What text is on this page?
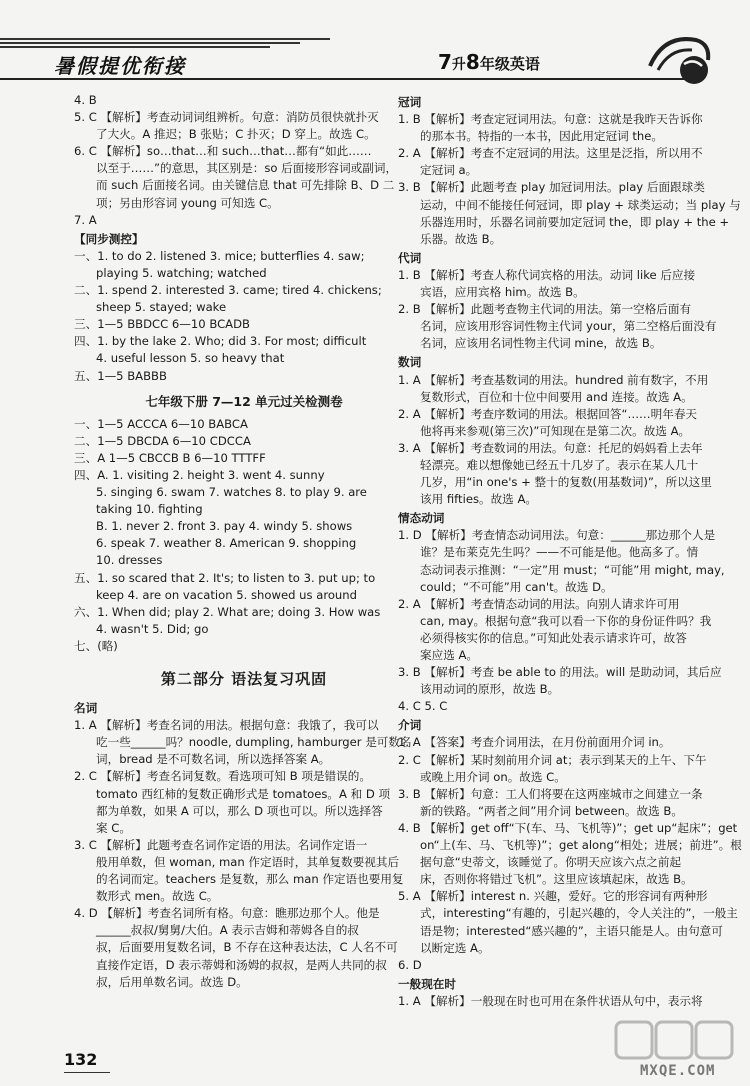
暑假提优衔接	7升8年级英语
4. B
5. C 【解析】考查动词词组辨析。句意：消防员很快就扑灭
了大火。A 推迟；B 张贴；C 扑灭；D 穿上。故选 C。
6. C 【解析】so…that…和 such…that…都有“如此……
以至于……”的意思，其区别是：so 后面接形容词或副词，
而 such 后面接名词。由关键信息 that 可先排除 B、D 二
项；另由形容词 young 可知选 C。
7. A
【同步测控】
一、1. to do 2. listened 3. mice; butterflies 4. saw;
playing 5. watching; watched
二、1. spend 2. interested 3. came; tired 4. chickens;
sheep 5. stayed; wake
三、1—5 BBDCC 6—10 BCADB
四、1. by the lake 2. Who; did 3. For most; difficult
4. useful lesson 5. so heavy that
五、1—5 BABBB
七年级下册 7—12 单元过关检测卷
一、1—5 ACCCA 6—10 BABCA
二、1—5 DBCDA 6—10 CDCCA
三、A 1—5 CBCCB B 6—10 TTTFF
四、A. 1. visiting 2. height 3. went 4. sunny
5. singing 6. swam 7. watches 8. to play 9. are
taking 10. fighting
B. 1. never 2. front 3. pay 4. windy 5. shows
6. speak 7. weather 8. American 9. shopping
10. dresses
五、1. so scared that 2. It's; to listen to 3. put up; to
keep 4. are on vacation 5. showed us around
六、1. When did; play 2. What are; doing 3. How was
4. wasn't 5. Did; go
七、(略)
第二部分 语法复习巩固
名词
1. A 【解析】考查名词的用法。根据句意：我饿了，我可以
吃一些______吗？noodle, dumpling, hamburger 是可数名
词，bread 是不可数名词，所以选择答案 A。
2. C 【解析】考查名词复数。看选项可知 B 项是错误的。
tomato 西红柿的复数正确形式是 tomatoes。A 和 D 项
都为单数，如果 A 可以，那么 D 项也可以。所以选择答
案 C。
3. C 【解析】此题考查名词作定语的用法。名词作定语一
般用单数，但 woman, man 作定语时，其单复数要视其后
的名词而定。teachers 是复数，那么 man 作定语也要用复
数形式 men。故选 C。
4. D 【解析】考查名词所有格。句意：瞧那边那个人。他是
______叔叔/舅舅/大伯。A 表示吉姆和蒂姆各自的叔
叔，后面要用复数名词，B 不存在这种表达法，C 人名不可
直接作定语，D 表示蒂姆和汤姆的叔叔，是两人共同的叔
叔，后用单数名词。故选 D。
冠词
1. B 【解析】考查定冠词用法。句意：这就是我昨天告诉你
的那本书。特指的一本书，因此用定冠词 the。
2. A 【解析】考查不定冠词的用法。这里是泛指，所以用不
定冠词 a。
3. B 【解析】此题考查 play 加冠词用法。play 后面跟球类
运动，中间不能接任何冠词，即 play + 球类运动；当 play 与
乐器连用时，乐器名词前要加定冠词 the，即 play + the +
乐器。故选 B。
代词
1. B 【解析】考查人称代词宾格的用法。动词 like 后应接
宾语，应用宾格 him。故选 B。
2. B 【解析】此题考查物主代词的用法。第一空格后面有
名词，应该用形容词性物主代词 your，第二空格后面没有
名词，应该用名词性物主代词 mine，故选 B。
数词
1. A 【解析】考查基数词的用法。hundred 前有数字，不用
复数形式，百位和十位中间要用 and 连接。故选 A。
2. A 【解析】考查序数词的用法。根据回答“……明年春天
他将再来参观(第三次)”可知现在是第二次。故选 A。
3. A 【解析】考查数词的用法。句意：托尼的妈妈看上去年
轻漂亮。难以想像她已经五十几岁了。表示在某人几十
几岁，用“in one's + 整十的复数(用基数词)”，所以这里
该用 fifties。故选 A。
情态动词
1. D 【解析】考查情态动词用法。句意：______那边那个人是
谁？是布莱克先生吗？——不可能是他。他高多了。情
态动词表示推测：“一定”用 must；“可能”用 might, may,
could；“不可能”用 can't。故选 D。
2. A 【解析】考查情态动词的用法。向别人请求许可用
can, may。根据句意“我可以看一下你的身份证件吗？我
必须得核实你的信息。”可知此处表示请求许可，故答
案应选 A。
3. B 【解析】考查 be able to 的用法。will 是助动词，其后应
该用动词的原形，故选 B。
4. C 5. C
介词
1. A 【答案】考查介词用法，在月份前面用介词 in。
2. C 【解析】某时刻前用介词 at；表示到某天的上午、下午
或晚上用介词 on。故选 C。
3. B 【解析】句意：工人们将要在这两座城市之间建立一条
新的铁路。“两者之间”用介词 between。故选 B。
4. B 【解析】get off“下(车、马、飞机等)”；get up“起床”；get
on“上(车、马、飞机等)”；get along“相处；进展；前进”。根
据句意“史蒂文，该睡觉了。你明天应该六点之前起
床，否则你将错过飞机”。这里应该填起床，故选 B。
5. A 【解析】interest n. 兴趣，爱好。它的形容词有两种形
式，interesting“有趣的，引起兴趣的，令人关注的”，一般主
语是物；interested“感兴趣的”，主语只能是人。由句意可
以断定选 A。
6. D
一般现在时
1. A 【解析】一般现在时也可用在条件状语从句中，表示将
132
MXQE.COM
